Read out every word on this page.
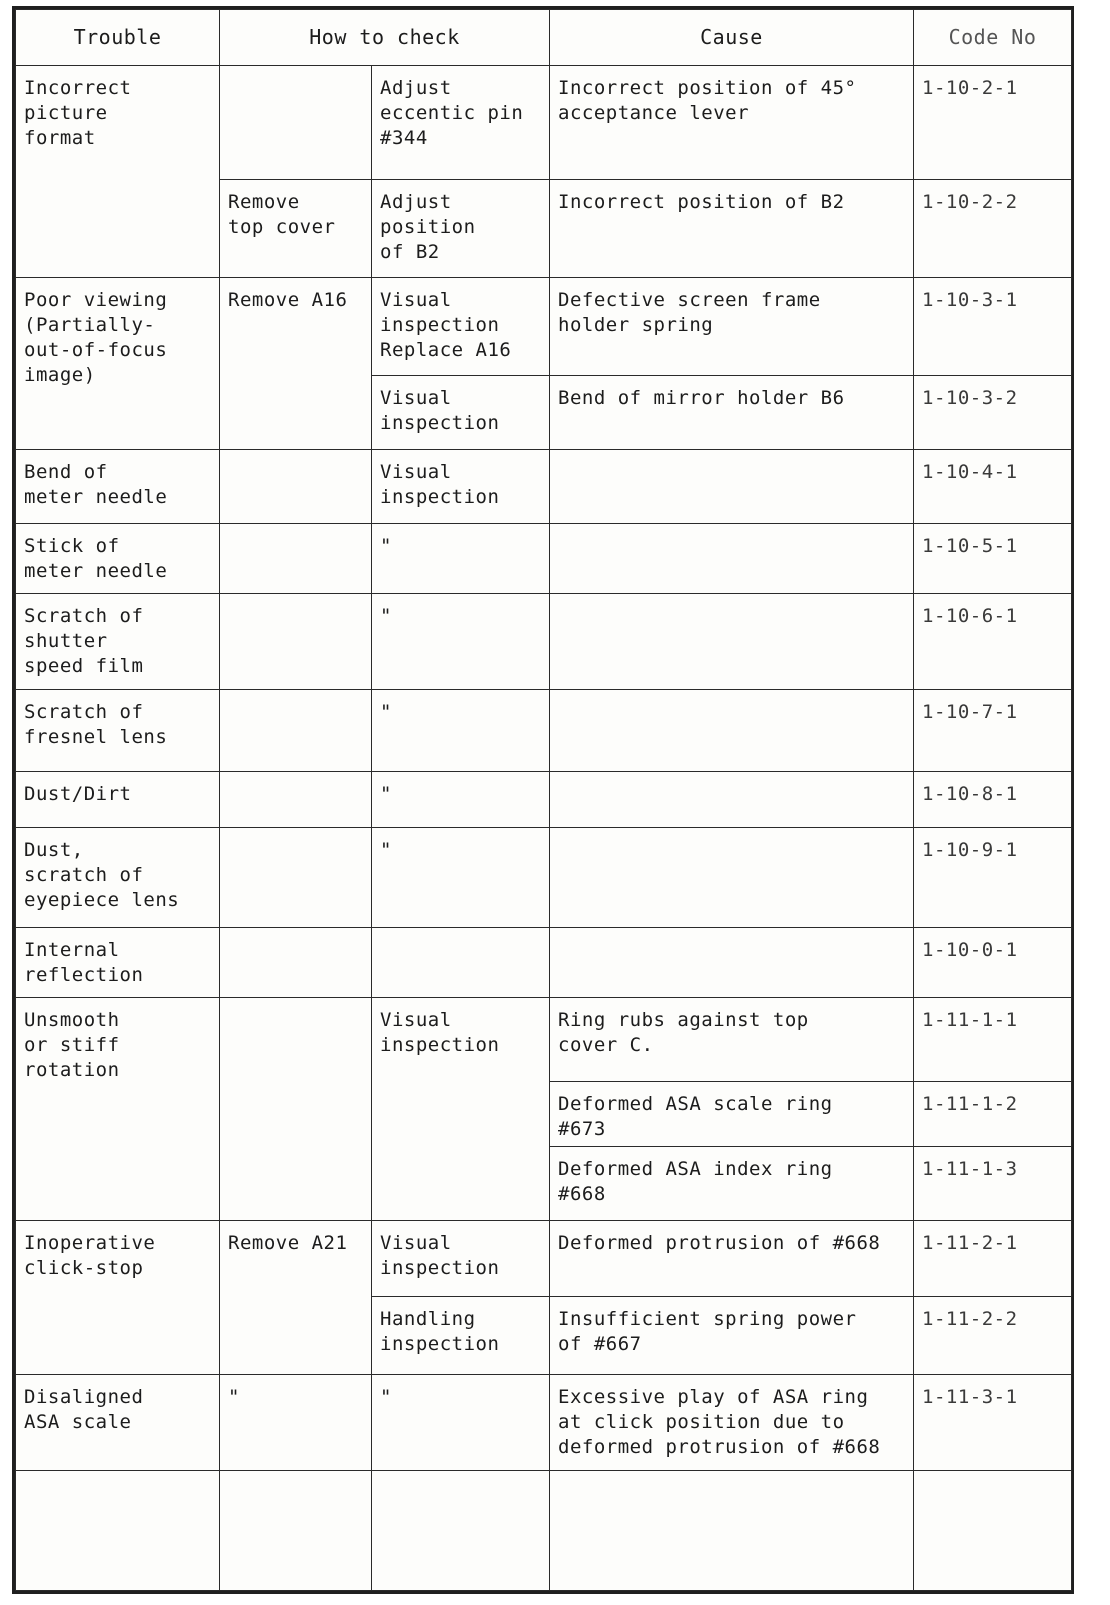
Trouble	How to check		Cause	Code No
Incorrect
picture
format		Adjust
eccentic pin
#344	Incorrect position of 45°
acceptance lever	1-10-2-1
	Remove
top cover	Adjust
position
of B2	Incorrect position of B2	1-10-2-2
Poor viewing
(Partially-
out-of-focus
image)	Remove A16	Visual
inspection
Replace A16	Defective screen frame
holder spring	1-10-3-1
		Visual
inspection	Bend of mirror holder B6	1-10-3-2
Bend of
meter needle		Visual
inspection		1-10-4-1
Stick of
meter needle		"		1-10-5-1
Scratch of
shutter
speed film		"		1-10-6-1
Scratch of
fresnel lens		"		1-10-7-1
Dust/Dirt		"		1-10-8-1
Dust,
scratch of
eyepiece lens		"		1-10-9-1
Internal
reflection				1-10-0-1
Unsmooth
or stiff
rotation		Visual
inspection	Ring rubs against top
cover C.	1-11-1-1
			Deformed ASA scale ring
#673	1-11-1-2
			Deformed ASA index ring
#668	1-11-1-3
Inoperative
click-stop	Remove A21	Visual
inspection	Deformed protrusion of #668	1-11-2-1
		Handling
inspection	Insufficient spring power
of #667	1-11-2-2
Disaligned
ASA scale	"	"	Excessive play of ASA ring
at click position due to
deformed protrusion of #668	1-11-3-1
